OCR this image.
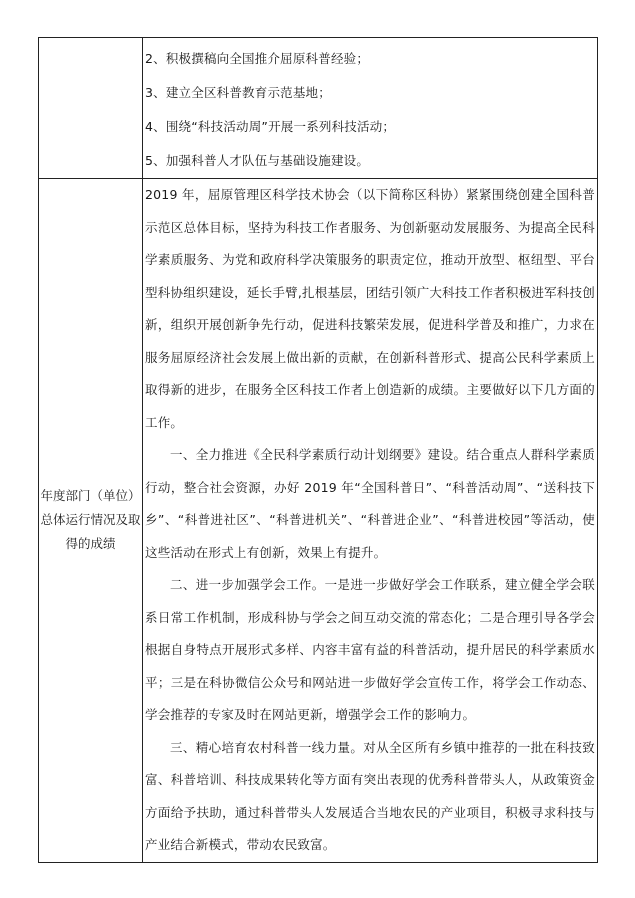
	2、积极撰稿向全国推介屈原科普经验；

3、建立全区科普教育示范基地；

4、围绕“科技活动周”开展一系列科技活动；

5、加强科普人才队伍与基础设施建设。

年度部门（单位）总体运行情况及取得的成绩	2019 年，屈原管理区科学技术协会（以下简称区科协）紧紧围绕创建全国科普示范区总体目标，坚持为科技工作者服务、为创新驱动发展服务、为提高全民科学素质服务、为党和政府科学决策服务的职责定位，推动开放型、枢纽型、平台型科协组织建设，延长手臂,扎根基层，团结引领广大科技工作者积极进军科技创新，组织开展创新争先行动，促进科技繁荣发展，促进科学普及和推广，力求在服务屈原经济社会发展上做出新的贡献，在创新科普形式、提高公民科学素质上取得新的进步，在服务全区科技工作者上创造新的成绩。主要做好以下几方面的工作。

一、全力推进《全民科学素质行动计划纲要》建设。结合重点人群科学素质行动，整合社会资源，办好 2019 年“全国科普日”、“科普活动周”、“送科技下乡”、“科普进社区”、“科普进机关”、“科普进企业”、“科普进校园”等活动，使这些活动在形式上有创新，效果上有提升。

二、进一步加强学会工作。一是进一步做好学会工作联系，建立健全学会联系日常工作机制，形成科协与学会之间互动交流的常态化；二是合理引导各学会根据自身特点开展形式多样、内容丰富有益的科普活动，提升居民的科学素质水平；三是在科协微信公众号和网站进一步做好学会宣传工作，将学会工作动态、学会推荐的专家及时在网站更新，增强学会工作的影响力。

三、精心培育农村科普一线力量。对从全区所有乡镇中推荐的一批在科技致富、科普培训、科技成果转化等方面有突出表现的优秀科普带头人，从政策资金方面给予扶助，通过科普带头人发展适合当地农民的产业项目，积极寻求科技与产业结合新模式，带动农民致富。
